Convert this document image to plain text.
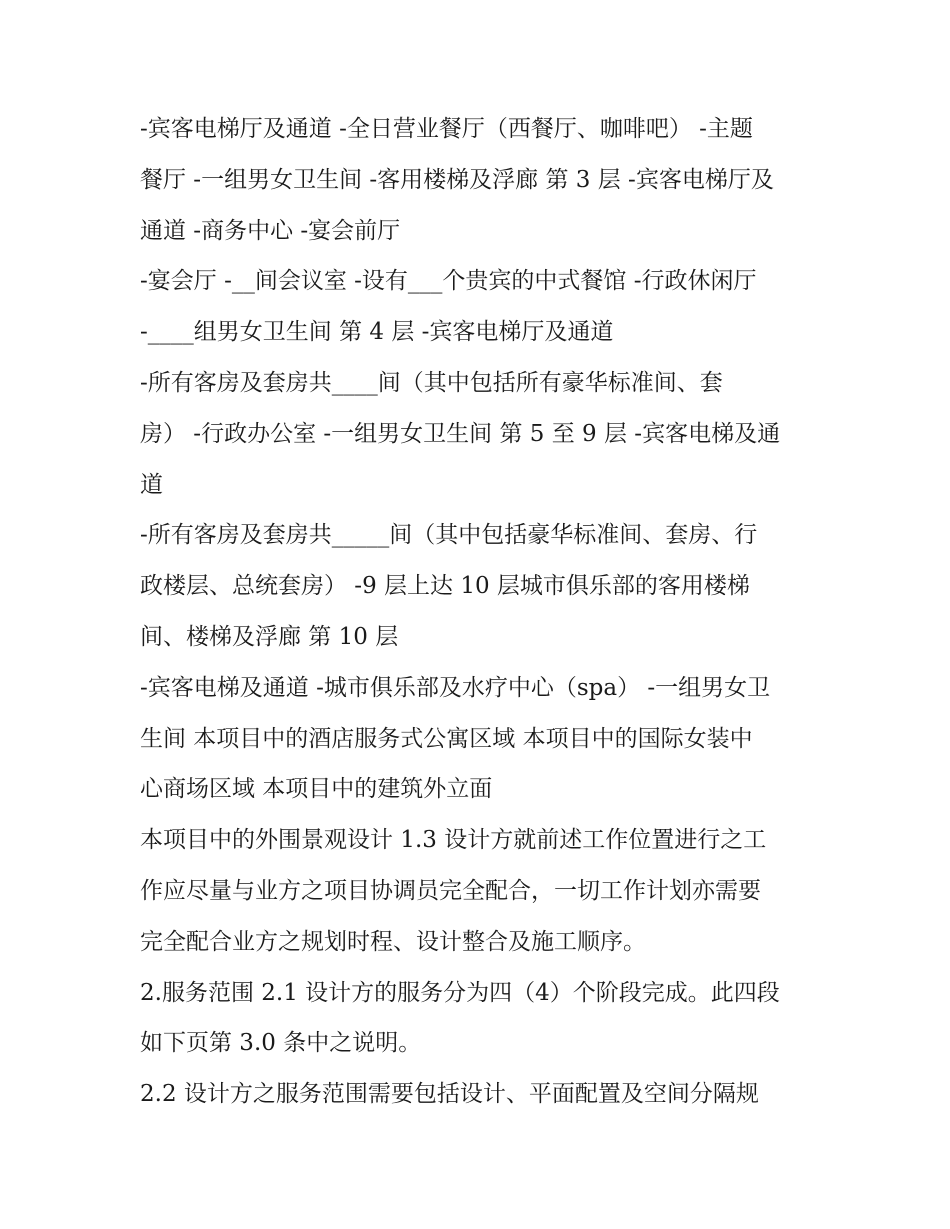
-宾客电梯厅及通道 -全日营业餐厅（西餐厅、咖啡吧） -主题
餐厅 -一组男女卫生间 -客用楼梯及浮廊 第 3 层 -宾客电梯厅及
通道 -商务中心 -宴会前厅
-宴会厅 -__间会议室 -设有___个贵宾的中式餐馆 -行政休闲厅
-____组男女卫生间 第 4 层 -宾客电梯厅及通道
-所有客房及套房共____间（其中包括所有豪华标准间、套
房） -行政办公室 -一组男女卫生间 第 5 至 9 层 -宾客电梯及通
道
-所有客房及套房共_____间（其中包括豪华标准间、套房、行
政楼层、总统套房） -9 层上达 10 层城市俱乐部的客用楼梯
间、楼梯及浮廊 第 10 层
-宾客电梯及通道 -城市俱乐部及水疗中心（spa） -一组男女卫
生间 本项目中的酒店服务式公寓区域 本项目中的国际女装中
心商场区域 本项目中的建筑外立面
本项目中的外围景观设计 1.3 设计方就前述工作位置进行之工
作应尽量与业方之项目协调员完全配合，一切工作计划亦需要
完全配合业方之规划时程、设计整合及施工顺序。
2.服务范围 2.1 设计方的服务分为四（4）个阶段完成。此四段
如下页第 3.0 条中之说明。
2.2 设计方之服务范围需要包括设计、平面配置及空间分隔规
